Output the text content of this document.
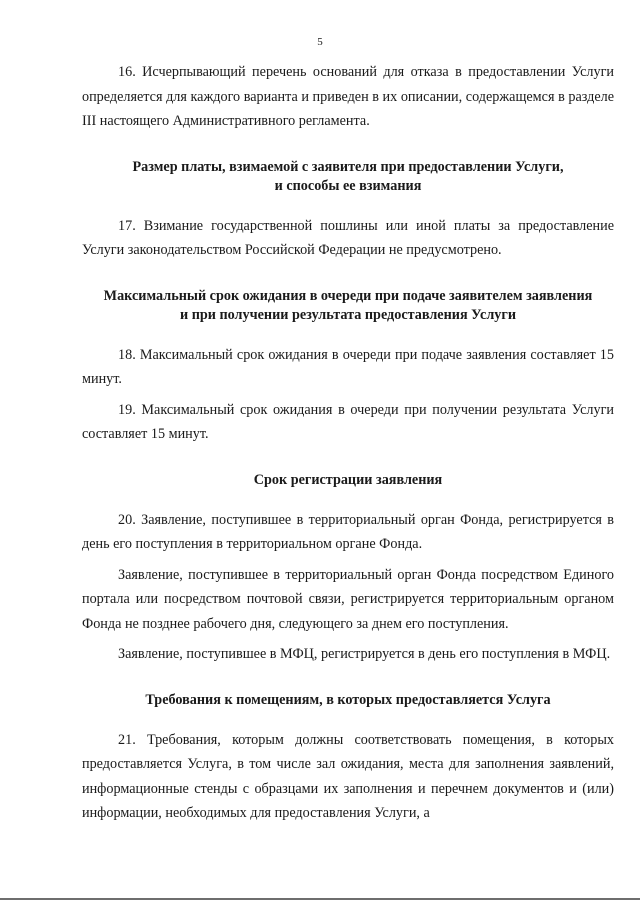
5

16. Исчерпывающий перечень оснований для отказа в предоставлении Услуги определяется для каждого варианта и приведен в их описании, содержащемся в разделе III настоящего Административного регламента.

Размер платы, взимаемой с заявителя при предоставлении Услуги,
и способы ее взимания

17. Взимание государственной пошлины или иной платы за предоставление Услуги законодательством Российской Федерации не предусмотрено.

Максимальный срок ожидания в очереди при подаче заявителем заявления
и при получении результата предоставления Услуги

18. Максимальный срок ожидания в очереди при подаче заявления составляет 15 минут.

19. Максимальный срок ожидания в очереди при получении результата Услуги составляет 15 минут.

Срок регистрации заявления

20. Заявление, поступившее в территориальный орган Фонда, регистрируется в день его поступления в территориальном органе Фонда.

Заявление, поступившее в территориальный орган Фонда посредством Единого портала или посредством почтовой связи, регистрируется территориальным органом Фонда не позднее рабочего дня, следующего за днем его поступления.

Заявление, поступившее в МФЦ, регистрируется в день его поступления в МФЦ.

Требования к помещениям, в которых предоставляется Услуга

21. Требования, которым должны соответствовать помещения, в которых предоставляется Услуга, в том числе зал ожидания, места для заполнения заявлений, информационные стенды с образцами их заполнения и перечнем документов и (или) информации, необходимых для предоставления Услуги, а
